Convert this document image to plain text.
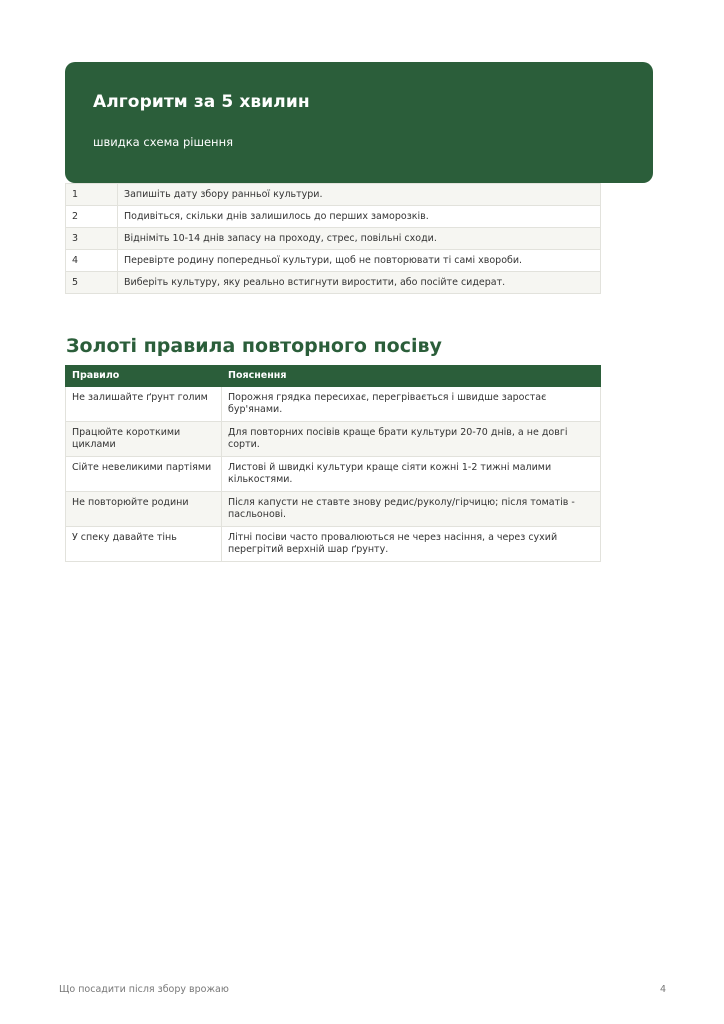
Алгоритм за 5 хвилин
швидка схема рішення
1	Запишіть дату збору ранньої культури.
2	Подивіться, скільки днів залишилось до перших заморозків.
3	Відніміть 10-14 днів запасу на проходу, стрес, повільні сходи.
4	Перевірте родину попередньої культури, щоб не повторювати ті самі хвороби.
5	Виберіть культуру, яку реально встигнути виростити, або посійте сидерат.
Золоті правила повторного посіву
Правило	Пояснення
Не залишайте ґрунт голим	Порожня грядка пересихає, перегрівається і швидше заростає бур'янами.
Працюйте короткими циклами	Для повторних посівів краще брати культури 20-70 днів, а не довгі сорти.
Сійте невеликими партіями	Листові й швидкі культури краще сіяти кожні 1-2 тижні малими кількостями.
Не повторюйте родини	Після капусти не ставте знову редис/руколу/гірчицю; після томатів - пасльонові.
У спеку давайте тінь	Літні посіви часто провалюються не через насіння, а через сухий перегрітий верхній шар ґрунту.
Що посадити після збору врожаю	4
